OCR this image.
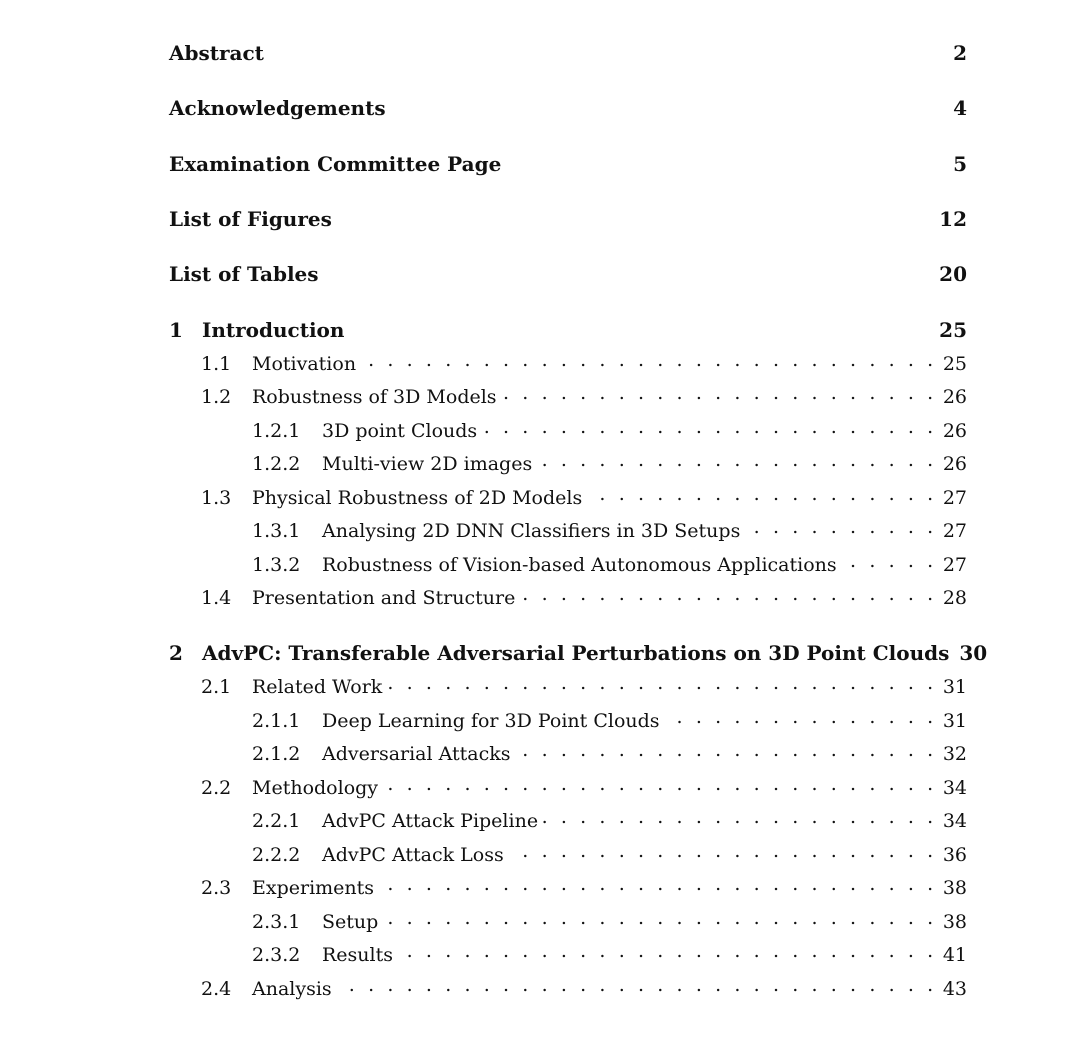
Abstract	2
Acknowledgements	4
Examination Committee Page	5
List of Figures	12
List of Tables	20
1 Introduction	25
1.1	Motivation . . .	25
1.2	Robustness of 3D Models . . .	26
1.2.1	3D point Clouds . . .	26
1.2.2	Multi-view 2D images . . .	26
1.3	Physical Robustness of 2D Models . . .	27
1.3.1	Analysing 2D DNN Classifiers in 3D Setups . . .	27
1.3.2	Robustness of Vision-based Autonomous Applications . . .	27
1.4	Presentation and Structure . . .	28
2 AdvPC: Transferable Adversarial Perturbations on 3D Point Clouds 30
2.1	Related Work . . .	31
2.1.1	Deep Learning for 3D Point Clouds . . .	31
2.1.2	Adversarial Attacks . . .	32
2.2	Methodology . . .	34
2.2.1	AdvPC Attack Pipeline . . .	34
2.2.2	AdvPC Attack Loss . . .	36
2.3	Experiments . . .	38
2.3.1	Setup . . .	38
2.3.2	Results . . .	41
2.4	Analysis . . .	43
